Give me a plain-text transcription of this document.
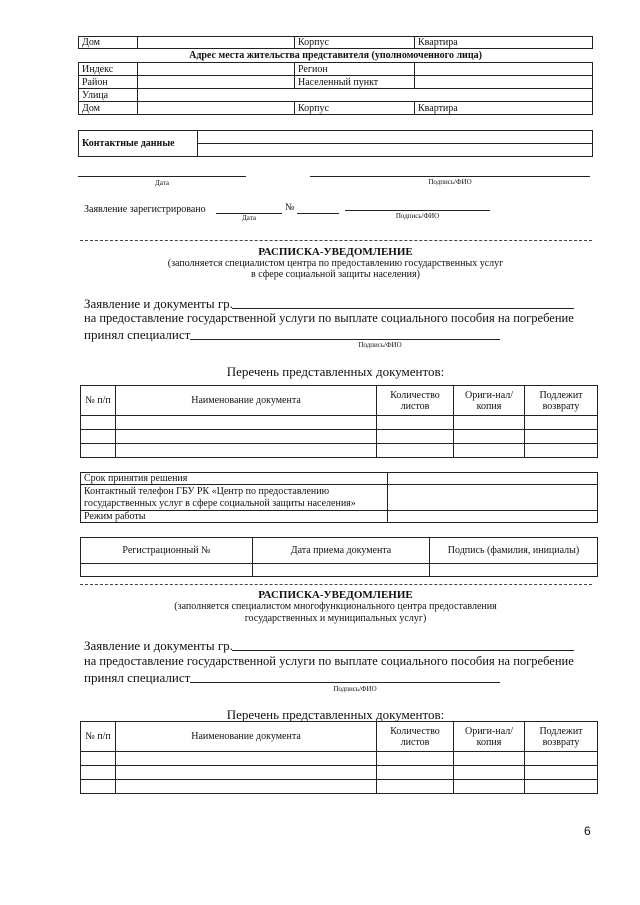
Дом		Корпус	Квартира
Адрес места жительства представителя (уполномоченного лица)
Индекс		Регион	
Район		Населенный пункт	
Улица			
Дом		Корпус	Квартира
Контактные данные	

Дата	Подпись/ФИО
Заявление зарегистрировано
Дата
№
Подпись/ФИО
РАСПИСКА-УВЕДОМЛЕНИЕ
(заполняется специалистом центра по предоставлению государственных услуг
в сфере социальной защиты населения)
Заявление и документы гр.
на предоставление государственной услуги по выплате социального пособия на погребение
принял специалист
Подпись/ФИО
Перечень представленных документов:
№ п/п	Наименование документа	Количество листов	Ориги-нал/копия	Подлежит возврату

Срок принятия решения	
Контактный телефон ГБУ РК «Центр по предоставлению государственных услуг в сфере социальной защиты населения»	
Режим работы	
Регистрационный №	Дата приема документа	Подпись (фамилия, инициалы)

РАСПИСКА-УВЕДОМЛЕНИЕ
(заполняется специалистом многофункционального центра предоставления
государственных и муниципальных услуг)
Заявление и документы гр.
на предоставление государственной услуги по выплате социального пособия на погребение
принял специалист
Подпись/ФИО
Перечень представленных документов:
№ п/п	Наименование документа	Количество листов	Ориги-нал/копия	Подлежит возврату

6
